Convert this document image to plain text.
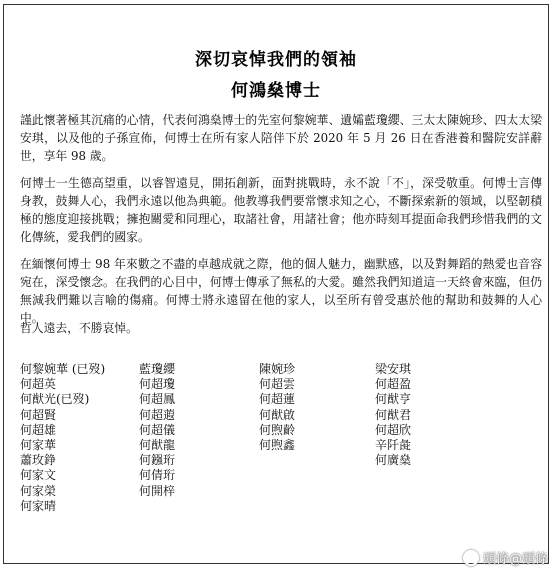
深切哀悼我們的領袖
何鴻燊博士

謹此懷著極其沉痛的心情，代表何鴻燊博士的先室何黎婉華、遺孀藍瓊纓、三太太陳婉珍、四太太梁安琪，以及他的子孫宣佈，何博士在所有家人陪伴下於 2020 年 5 月 26 日在香港養和醫院安詳辭世，享年 98 歲。

何博士一生德高望重，以睿智遠見，開拓創新，面對挑戰時，永不說「不」，深受敬重。何博士言傳身教，鼓舞人心，我們永遠以他為典範。他教導我們要常懷求知之心，不斷探索新的領域，以堅韌積極的態度迎接挑戰；擁抱關愛和同理心，取諸社會，用諸社會；他亦時刻耳提面命我們珍惜我們的文化傳統，愛我們的國家。

在緬懷何博士 98 年來數之不盡的卓越成就之際，他的個人魅力，幽默感，以及對舞蹈的熱愛也音容宛在，深受懷念。在我們的心目中，何博士傳承了無私的大愛。雖然我們知道這一天終會來臨，但仍無減我們難以言喻的傷痛。何博士將永遠留在他的家人，以至所有曾受惠於他的幫助和鼓舞的人心中。

哲人遠去，不勝哀悼。

何黎婉華 (已歿)
何超英
何猷光(已歿)
何超賢
何超雄
何家華
蕭玫錚
何家文
何家榮
何家晴
藍瓊纓
何超瓊
何超鳳
何超蕸
何超儀
何猷龍
何鏹珩
何倩珩
何開梓
陳婉珍
何超雲
何超蓮
何猷啟
何煦齡
何煦鑫
梁安琪
何超盈
何猷亨
何猷君
何超欣
辛阡彘
何廣燊
頭條@頭條
